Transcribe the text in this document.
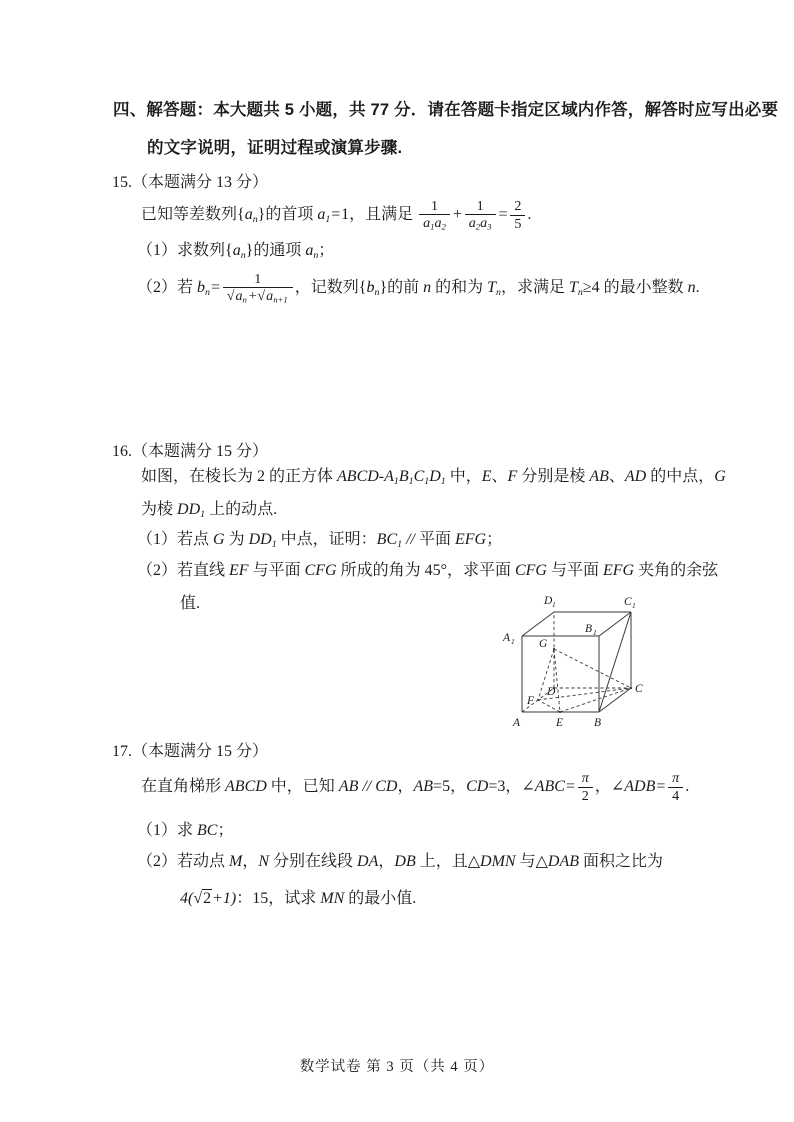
四、解答题：本大题共 5 小题，共 77 分．请在答题卡指定区域内作答，解答时应写出必要
的文字说明，证明过程或演算步骤.
15.（本题满分 13 分）
已知等差数列{an}的首项 a1=1，且满足 $\frac{1}{a1a2} + \frac{1}{a2a3} = \frac{2}{5}$ .
（1）求数列{an}的通项 an；
（2）若 $bn= \frac{1}{√an+√an+1}$ ，记数列{bn}的前 n 的和为 Tn，求满足 Tn≥4 的最小整数 n.
16.（本题满分 15 分）
如图，在棱长为 2 的正方体 ABCD-A1B1C1D1 中，E、F 分别是棱 AB、AD 的中点，G
为棱 DD1 上的动点.
（1）若点 G 为 DD1 中点，证明：BC1 // 平面 EFG；
（2）若直线 EF 与平面 CFG 所成的角为 45°，求平面 CFG 与平面 EFG 夹角的余弦
值.	D 1	C 1
A 1
B 1
G
F
D	C
A	E	B
17.（本题满分 15 分）
在直角梯形 ABCD 中，已知 AB // CD，AB=5，CD=3，∠ABC= $\frac{\pi}{2}$ ，∠ADB= $\frac{\pi}{4}$ .
（1）求 BC；
（2）若动点 M，N 分别在线段 DA，DB 上，且△DMN 与△DAB 面积之比为
4(√2+1)：15，试求 MN 的最小值.
数学试卷 第 3 页（共 4 页）
